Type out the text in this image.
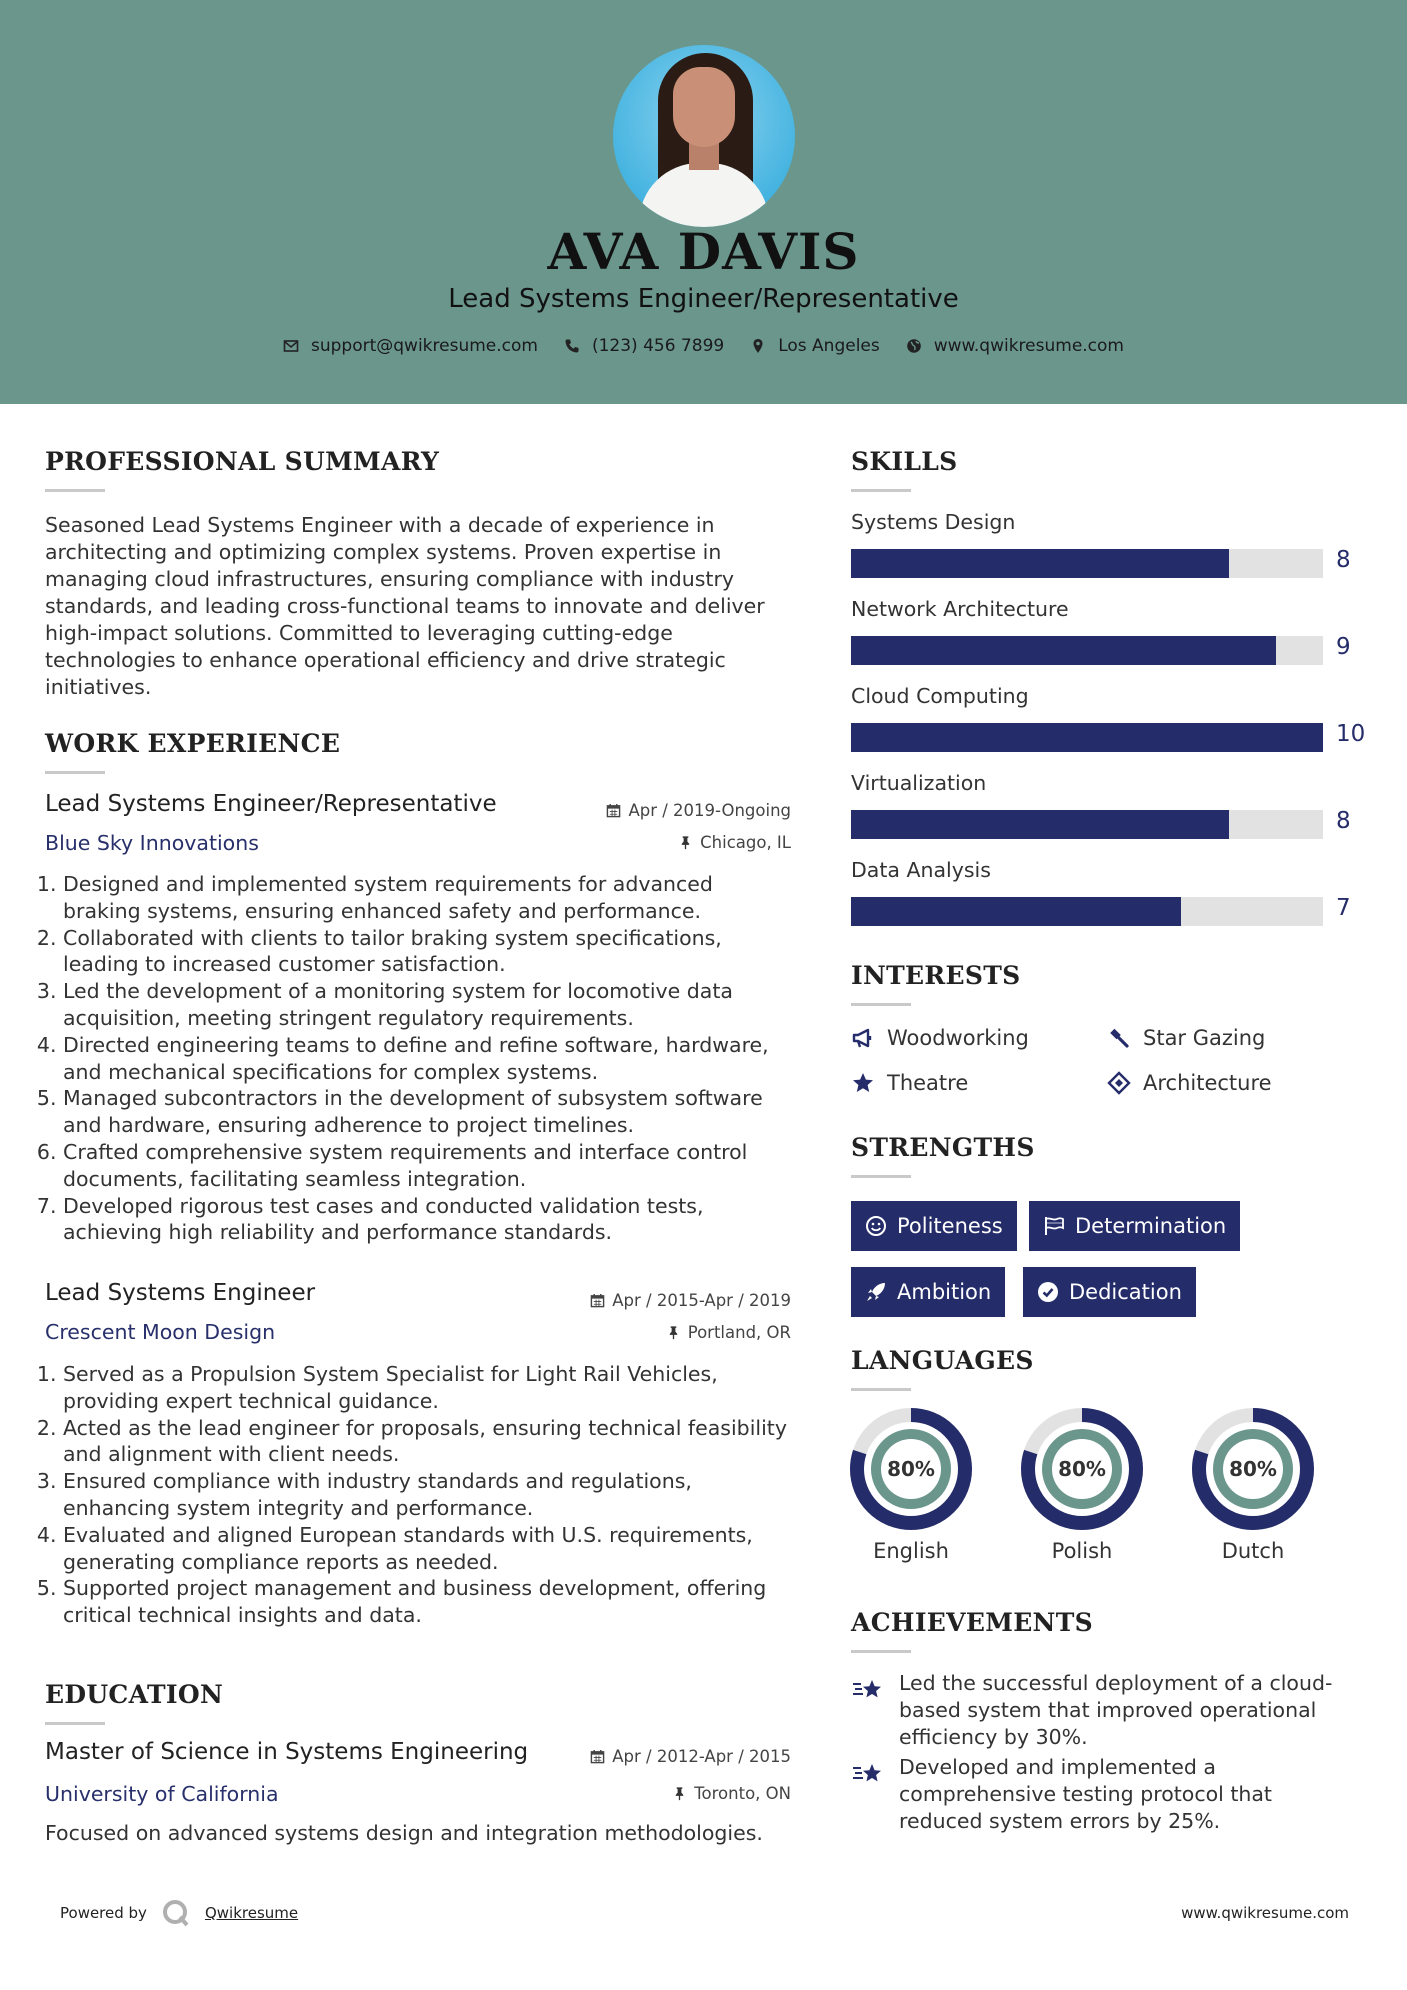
AVA DAVIS
Lead Systems Engineer/Representative
support@qwikresume.com	(123) 456 7899	Los Angeles	www.qwikresume.com
PROFESSIONAL SUMMARY
Seasoned Lead Systems Engineer with a decade of experience in architecting and optimizing complex systems. Proven expertise in managing cloud infrastructures, ensuring compliance with industry standards, and leading cross-functional teams to innovate and deliver high-impact solutions. Committed to leveraging cutting-edge technologies to enhance operational efficiency and drive strategic initiatives.
WORK EXPERIENCE
Lead Systems Engineer/Representative	Apr / 2019-Ongoing
Blue Sky Innovations	Chicago, IL
1. Designed and implemented system requirements for advanced braking systems, ensuring enhanced safety and performance.
2. Collaborated with clients to tailor braking system specifications, leading to increased customer satisfaction.
3. Led the development of a monitoring system for locomotive data acquisition, meeting stringent regulatory requirements.
4. Directed engineering teams to define and refine software, hardware, and mechanical specifications for complex systems.
5. Managed subcontractors in the development of subsystem software and hardware, ensuring adherence to project timelines.
6. Crafted comprehensive system requirements and interface control documents, facilitating seamless integration.
7. Developed rigorous test cases and conducted validation tests, achieving high reliability and performance standards.
Lead Systems Engineer	Apr / 2015-Apr / 2019
Crescent Moon Design	Portland, OR
1. Served as a Propulsion System Specialist for Light Rail Vehicles, providing expert technical guidance.
2. Acted as the lead engineer for proposals, ensuring technical feasibility and alignment with client needs.
3. Ensured compliance with industry standards and regulations, enhancing system integrity and performance.
4. Evaluated and aligned European standards with U.S. requirements, generating compliance reports as needed.
5. Supported project management and business development, offering critical technical insights and data.
EDUCATION
Master of Science in Systems Engineering	Apr / 2012-Apr / 2015
University of California	Toronto, ON
Focused on advanced systems design and integration methodologies.
SKILLS
Systems Design
8
Network Architecture
9
Cloud Computing
10
Virtualization
8
Data Analysis
7
INTERESTS
Woodworking	Star Gazing
Theatre	Architecture
STRENGTHS
Politeness	Determination
Ambition	Dedication
LANGUAGES
80%
English
80%
Polish
80%
Dutch
ACHIEVEMENTS
Led the successful deployment of a cloud-based system that improved operational efficiency by 30%.
Developed and implemented a comprehensive testing protocol that reduced system errors by 25%.
Powered by	Qwikresume	www.qwikresume.com
